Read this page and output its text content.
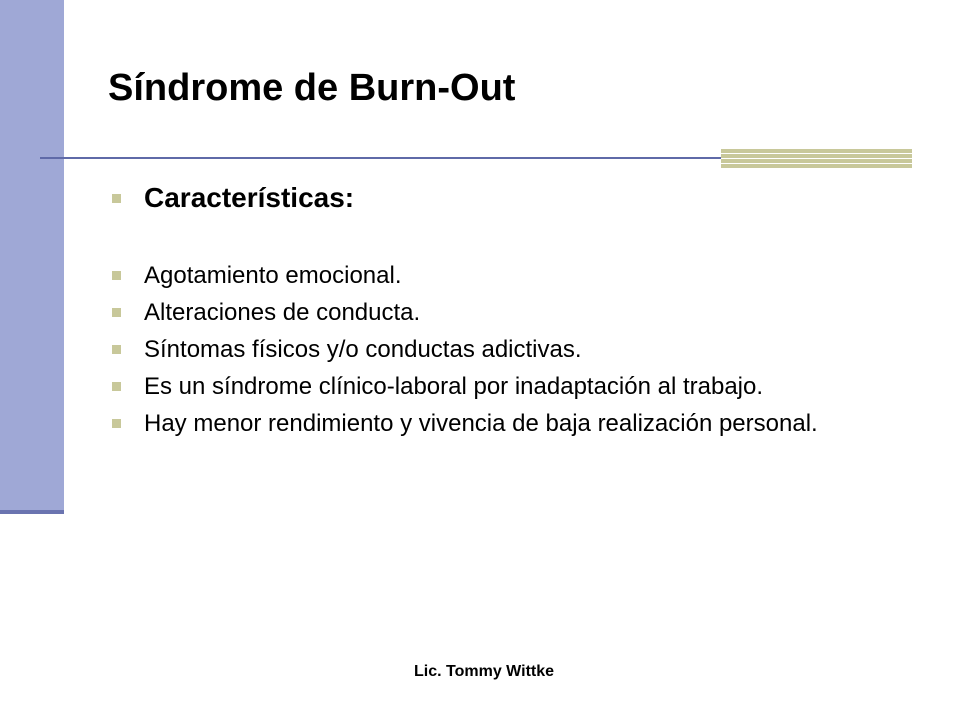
Síndrome de Burn-Out
Características:
Agotamiento emocional.
Alteraciones de conducta.
Síntomas físicos y/o conductas adictivas.
Es un síndrome clínico-laboral por inadaptación al trabajo.
Hay menor rendimiento y vivencia de baja realización personal.
Lic. Tommy Wittke
